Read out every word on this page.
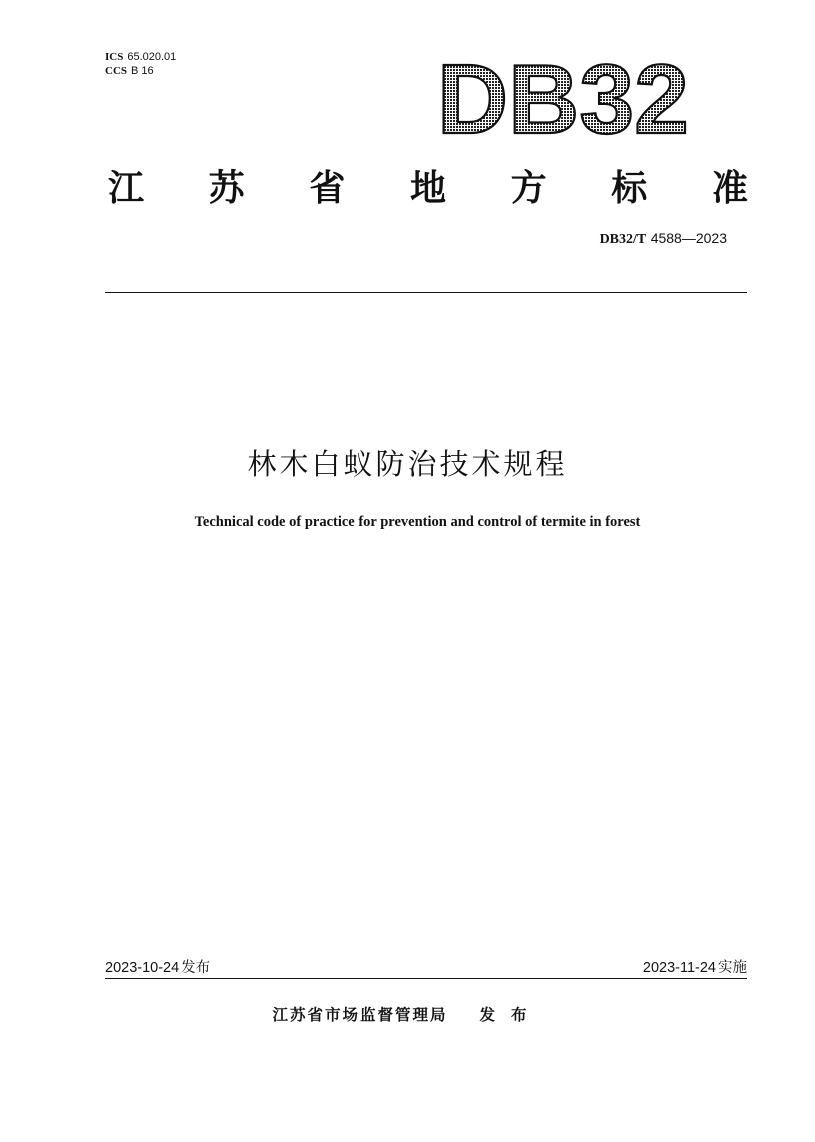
ICS 65.020.01
CCS B 16	DB32
江 苏 省 地 方 标 准
DB32/T 4588—2023
林木白蚁防治技术规程
Technical code of practice for prevention and control of termite in forest
2023-10-24 发布	2023-11-24 实施
江苏省市场监督管理局 发布
